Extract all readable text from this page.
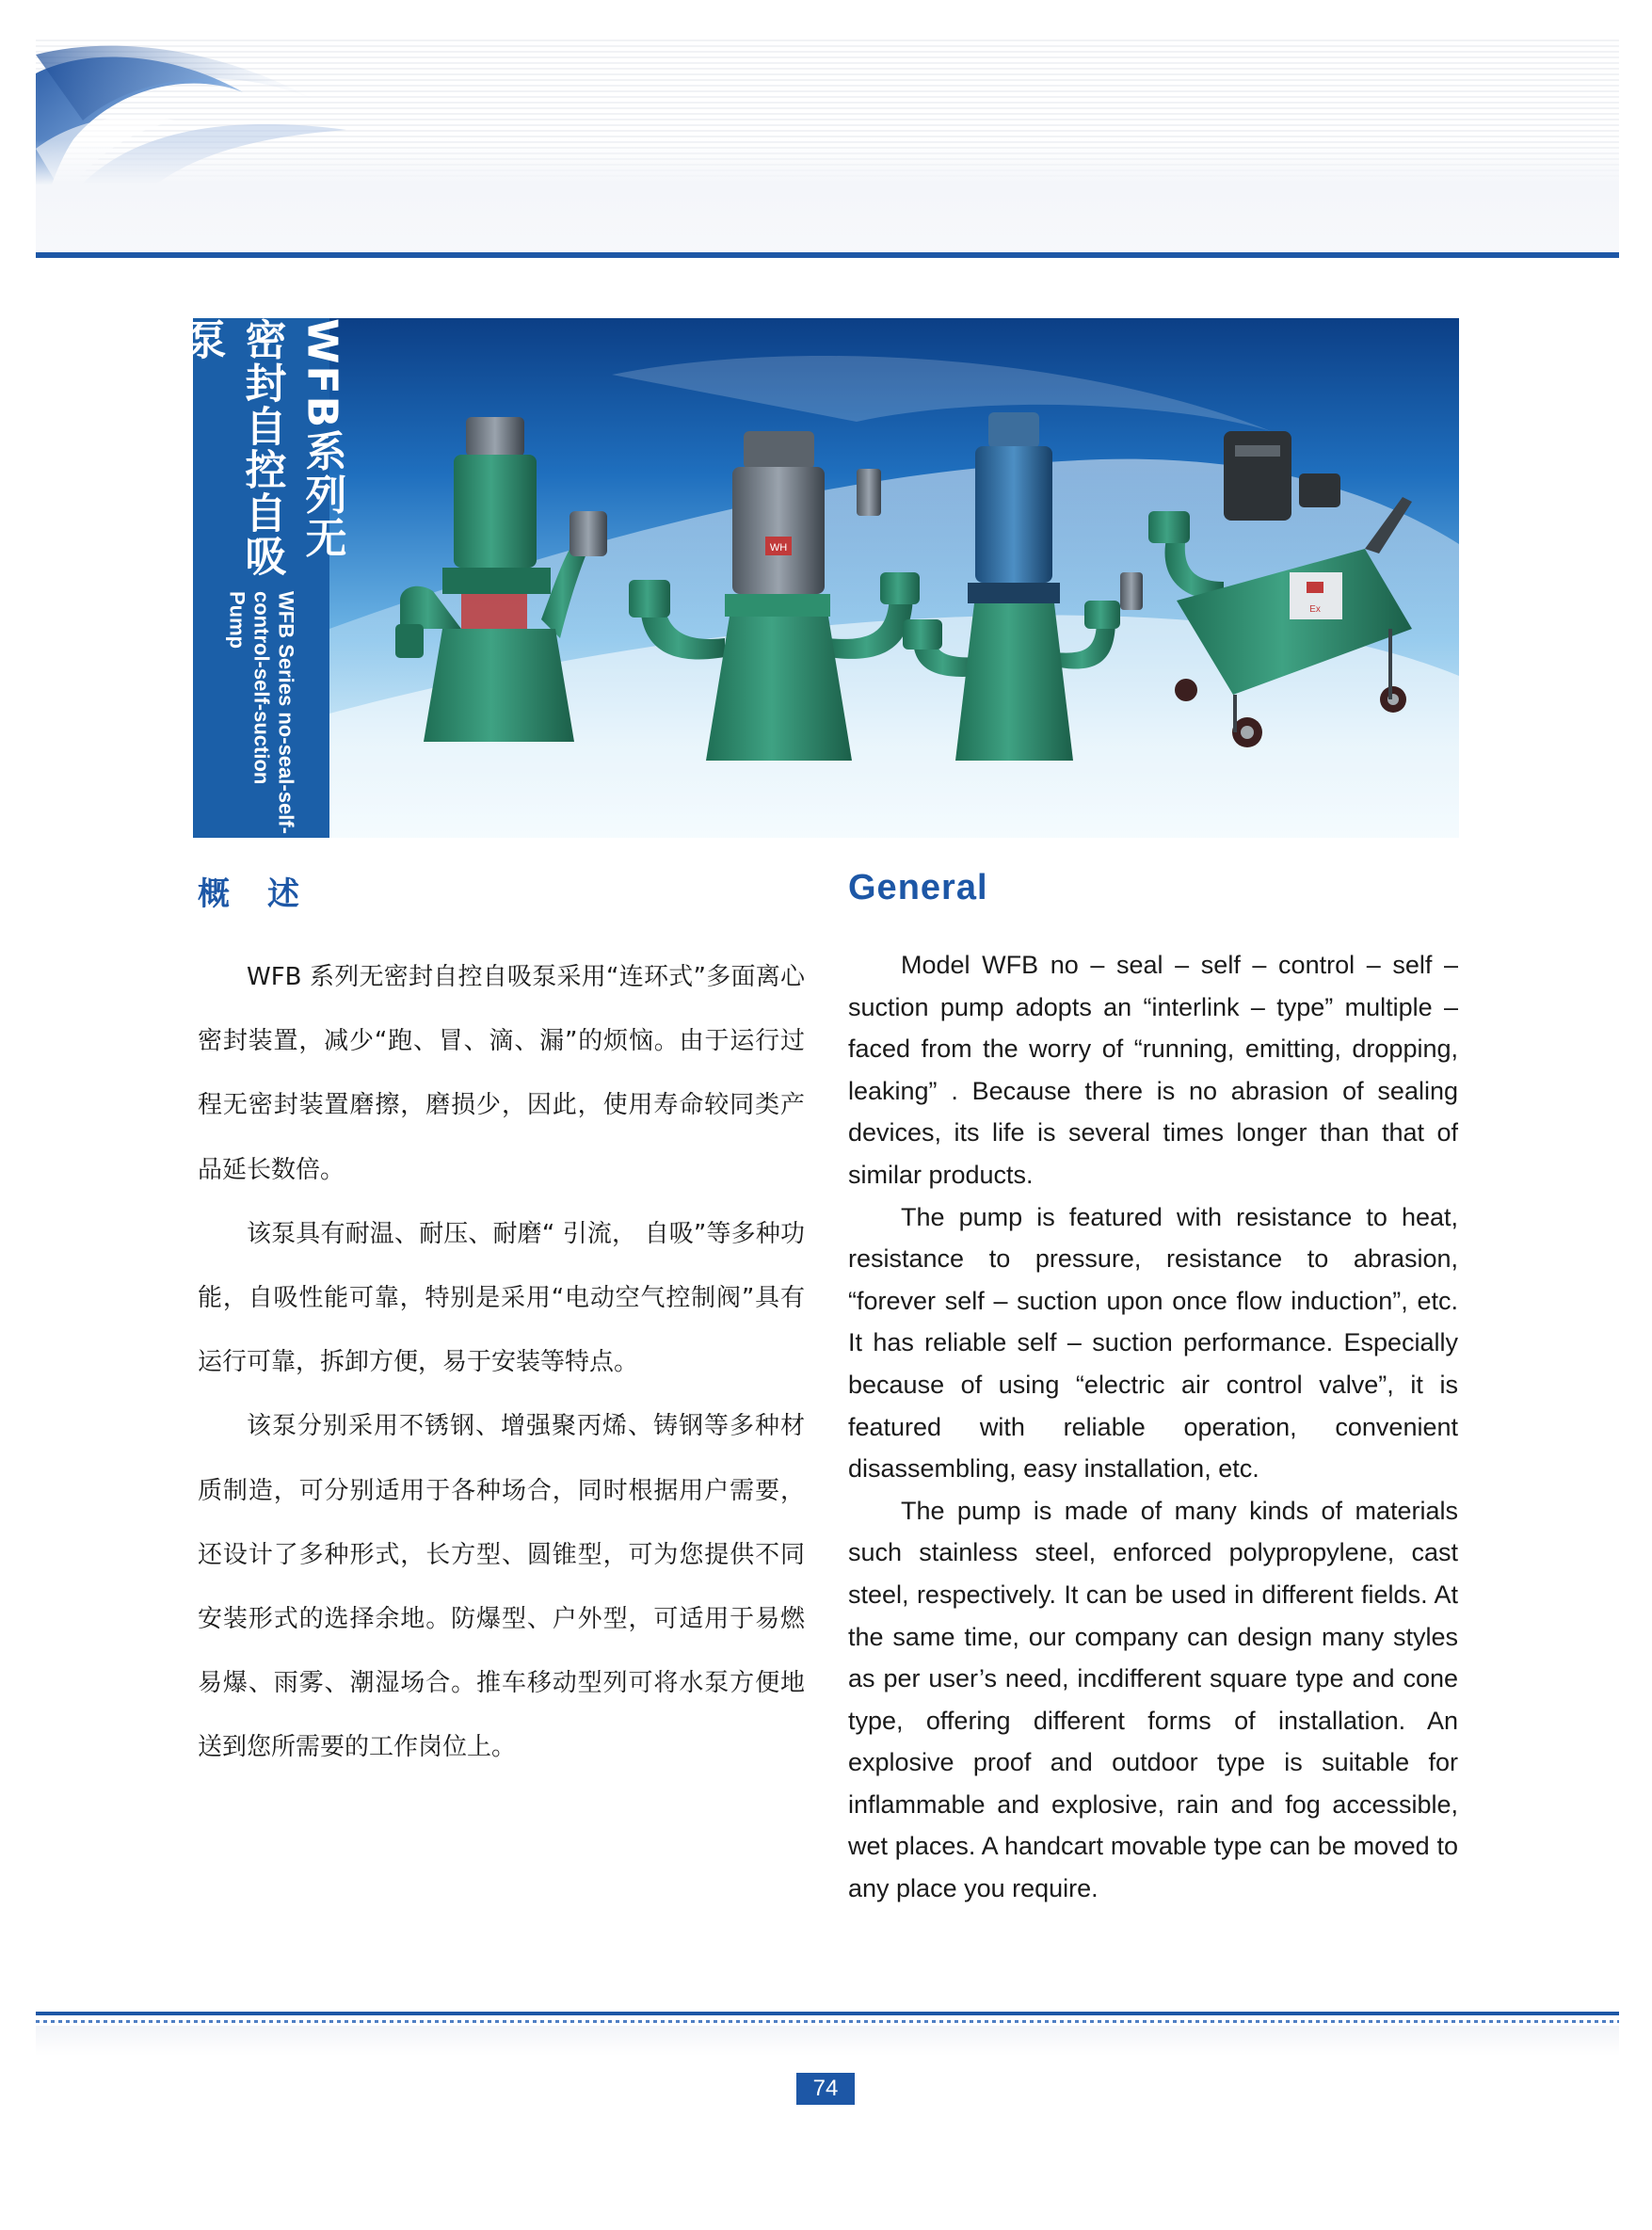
WFB系列无密封自控自吸泵
WFB Series no-seal-self-control-self-suction Pump
WH
Ex
概述	General

WFB 系列无密封自控自吸泵采用“连环式”多面离心密封装置，减少“跑、冒、滴、漏”的烦恼。由于运行过程无密封装置磨擦，磨损少，因此，使用寿命较同类产品延长数倍。

该泵具有耐温、耐压、耐磨“ 引流， 自吸”等多种功能，自吸性能可靠，特别是采用“电动空气控制阀”具有运行可靠，拆卸方便，易于安装等特点。

该泵分别采用不锈钢、增强聚丙烯、铸钢等多种材质制造，可分别适用于各种场合，同时根据用户需要，还设计了多种形式，长方型、圆锥型，可为您提供不同安装形式的选择余地。防爆型、户外型，可适用于易燃易爆、雨雾、潮湿场合。推车移动型列可将水泵方便地送到您所需要的工作岗位上。

Model WFB no – seal – self – control – self – suction pump adopts an “interlink – type” multiple – faced from the worry of “running, emitting, dropping, leaking” . Because there is no abrasion of sealing devices, its life is several times longer than that of similar products.

The pump is featured with resistance to heat, resistance to pressure, resistance to abrasion, “forever self – suction upon once flow induction”, etc. It has reliable self – suction performance. Especially because of using “electric air control valve”, it is featured with reliable operation, convenient disassembling, easy installation, etc.

The pump is made of many kinds of materials such stainless steel, enforced polypropylene, cast steel, respectively. It can be used in different fields. At the same time, our company can design many styles as per user’s need, incdifferent square type and cone type, offering different forms of installation. An explosive proof and outdoor type is suitable for inflammable and explosive, rain and fog accessible, wet places. A handcart movable type can be moved to any place you require.

74
